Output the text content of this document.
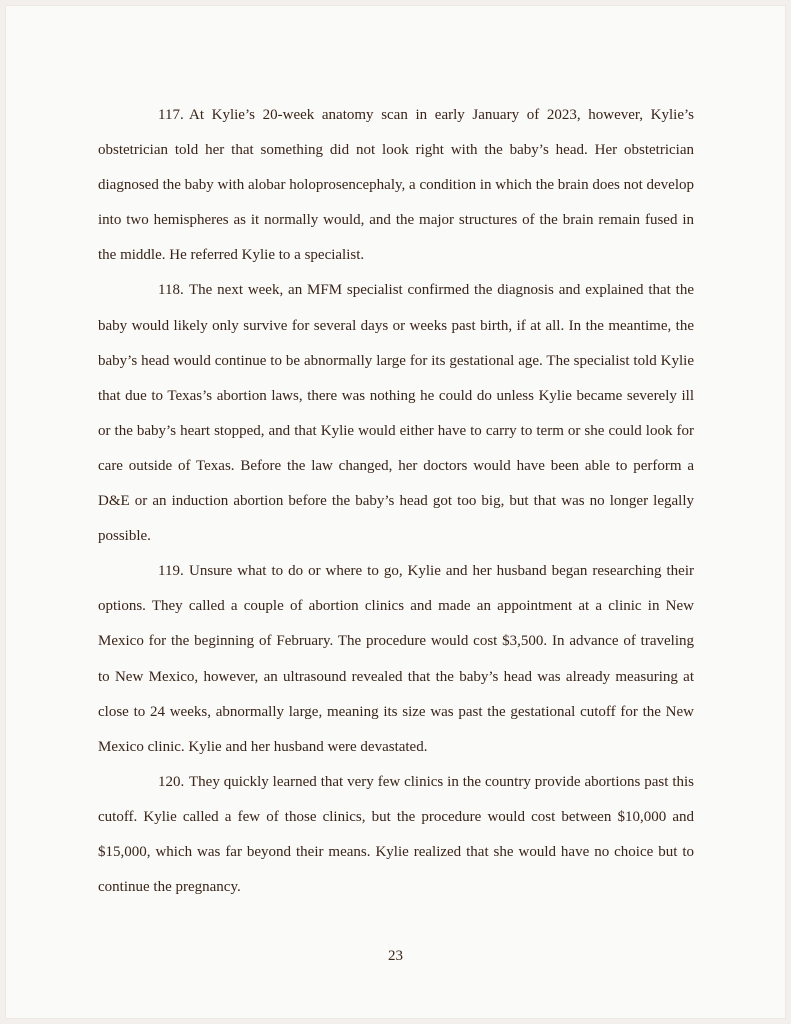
117. At Kylie’s 20-week anatomy scan in early January of 2023, however, Kylie’s obstetrician told her that something did not look right with the baby’s head. Her obstetrician diagnosed the baby with alobar holoprosencephaly, a condition in which the brain does not develop into two hemispheres as it normally would, and the major structures of the brain remain fused in the middle. He referred Kylie to a specialist.

118. The next week, an MFM specialist confirmed the diagnosis and explained that the baby would likely only survive for several days or weeks past birth, if at all. In the meantime, the baby’s head would continue to be abnormally large for its gestational age. The specialist told Kylie that due to Texas’s abortion laws, there was nothing he could do unless Kylie became severely ill or the baby’s heart stopped, and that Kylie would either have to carry to term or she could look for care outside of Texas. Before the law changed, her doctors would have been able to perform a D&E or an induction abortion before the baby’s head got too big, but that was no longer legally possible.

119. Unsure what to do or where to go, Kylie and her husband began researching their options. They called a couple of abortion clinics and made an appointment at a clinic in New Mexico for the beginning of February. The procedure would cost $3,500. In advance of traveling to New Mexico, however, an ultrasound revealed that the baby’s head was already measuring at close to 24 weeks, abnormally large, meaning its size was past the gestational cutoff for the New Mexico clinic. Kylie and her husband were devastated.

120. They quickly learned that very few clinics in the country provide abortions past this cutoff. Kylie called a few of those clinics, but the procedure would cost between $10,000 and $15,000, which was far beyond their means. Kylie realized that she would have no choice but to continue the pregnancy.

23
